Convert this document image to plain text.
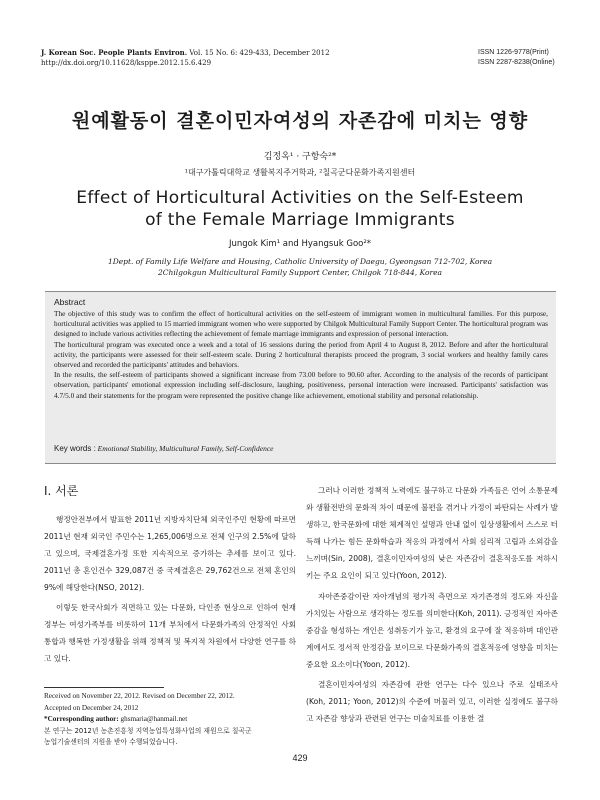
J. Korean Soc. People Plants Environ. Vol. 15 No. 6: 429-433, December 2012
http://dx.doi.org/10.11628/ksppe.2012.15.6.429
ISSN 1226-9778(Print)
ISSN 2287-8238(Online)
원예활동이 결혼이민자여성의 자존감에 미치는 영향
김정옥¹ · 구항숙²*
¹대구가톨릭대학교 생활복지주거학과, ²칠곡군다문화가족지원센터
Effect of Horticultural Activities on the Self-Esteem
of the Female Marriage Immigrants
Jungok Kim¹ and Hyangsuk Goo²*
1Dept. of Family Life Welfare and Housing, Catholic University of Daegu, Gyeongsan 712-702, Korea
2Chilgokgun Multicultural Family Support Center, Chilgok 718-844, Korea
Abstract

The objective of this study was to confirm the effect of horticultural activities on the self-esteem of immigrant women in multicultural families. For this purpose, horticultural activities was applied to 15 married immigrant women who were supported by Chilgok Multicultural Family Support Center. The horticultural program was designed to include various activities reflecting the achievement of female marriage immigrants and expression of personal interaction.

The horticultural program was executed once a week and a total of 16 sessions during the period from April 4 to August 8, 2012. Before and after the horticultural activity, the participants were assessed for their self-esteem scale. During 2 horticultural therapists proceed the program, 3 social workers and healthy family cares observed and recorded the participants' attitudes and behaviors.

In the results, the self-esteem of participants showed a significant increase from 73.00 before to 90.60 after. According to the analysis of the records of participant observation, participants' emotional expression including self-disclosure, laughing, positiveness, personal interaction were increased. Participants' satisfaction was 4.7/5.0 and their statements for the program were represented the positive change like achievement, emotional stability and personal relationship.

Key words : Emotional Stability, Multicultural Family, Self-Confidence
Ⅰ. 서론

행정안전부에서 발표한 2011년 지방자치단체 외국인주민 현황에 따르면 2011년 현재 외국인 주민수는 1,265,006명으로 전체 인구의 2.5%에 달하고 있으며, 국제결혼가정 또한 지속적으로 증가하는 추세를 보이고 있다. 2011년 총 혼인건수 329,087건 중 국제결혼은 29,762건으로 전체 혼인의 9%에 해당한다(NSO, 2012).

이렇듯 한국사회가 직면하고 있는 다문화, 다인종 현상으로 인하여 현재 정부는 여성가족부를 비롯하여 11개 부처에서 다문화가족의 안정적인 사회통합과 행복한 가정생활을 위해 정책적 및 복지적 차원에서 다양한 연구를 하고 있다.

그러나 이러한 정책적 노력에도 불구하고 다문화 가족들은 언어 소통문제와 생활전반의 문화적 차이 때문에 불편을 겪거나 가정이 파탄되는 사례가 발생하고, 한국문화에 대한 체계적인 설명과 안내 없이 일상생활에서 스스로 터득해 나가는 힘든 문화학습과 적응의 과정에서 사회 심리적 고립과 소외감을 느끼며(Sin, 2008), 결혼이민자여성의 낮은 자존감이 결혼적응도를 저하시키는 주요 요인이 되고 있다(Yoon, 2012).

자아존중감이란 자아개념의 평가적 측면으로 자기존경의 정도와 자신을 가치있는 사람으로 생각하는 정도를 의미한다(Koh, 2011). 긍정적인 자아존중감을 형성하는 개인은 성취동기가 높고, 환경의 요구에 잘 적응하며 대인관계에서도 정서적 안정감을 보이므로 다문화가족의 결혼적응에 영향을 미치는 중요한 요소이다(Yoon, 2012).

결혼이민자여성의 자존감에 관한 연구는 다수 있으나 주로 실태조사(Koh, 2011; Yoon, 2012)의 수준에 머물러 있고, 이러한 실정에도 불구하고 자존감 향상과 관련된 연구는 미술치료를 이용한 결

Received on November 22, 2012. Revised on December 22, 2012.
Accepted on December 24, 2012
*Corresponding author: ghsmaria@hanmail.net
본 연구는 2012년 농촌진흥청 지역농업특성화사업의 재원으로 칠곡군
농업기술센터의 지원을 받아 수행되었습니다.
429
